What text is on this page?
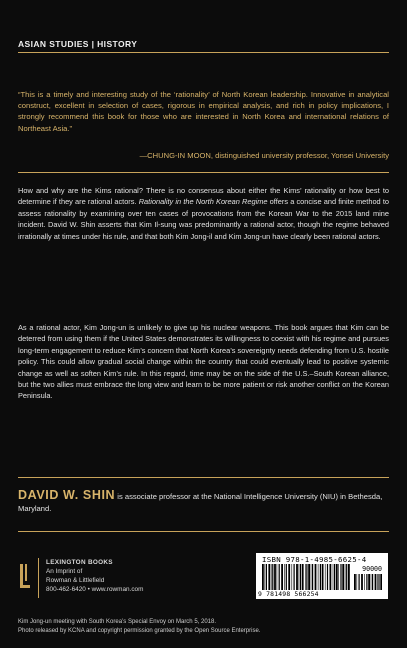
ASIAN STUDIES | HISTORY
“This is a timely and interesting study of the ‘rationality’ of North Korean leadership. Innovative in analytical construct, excellent in selection of cases, rigorous in empirical analysis, and rich in policy implications, I strongly recommend this book for those who are interested in North Korea and international relations of Northeast Asia.”
—CHUNG-IN MOON, distinguished university professor, Yonsei University
How and why are the Kims rational? There is no consensus about either the Kims’ rationality or how best to determine if they are rational actors. Rationality in the North Korean Regime offers a concise and finite method to assess rationality by examining over ten cases of provocations from the Korean War to the 2015 land mine incident. David W. Shin asserts that Kim Il-sung was predominantly a rational actor, though the regime behaved irrationally at times under his rule, and that both Kim Jong-il and Kim Jong-un have clearly been rational actors.
As a rational actor, Kim Jong-un is unlikely to give up his nuclear weapons. This book argues that Kim can be deterred from using them if the United States demonstrates its willingness to coexist with his regime and pursues long-term engagement to reduce Kim’s concern that North Korea’s sovereignty needs defending from U.S. hostile policy. This could allow gradual social change within the country that could eventually lead to positive systemic change as well as soften Kim’s rule. In this regard, time may be on the side of the U.S.–South Korean alliance, but the two allies must embrace the long view and learn to be more patient or risk another conflict on the Korean Peninsula.
DAVID W. SHIN is associate professor at the National Intelligence University (NIU) in Bethesda, Maryland.
LEXINGTON BOOKS
An Imprint of
Rowman & Littlefield
800-462-6420 • www.rowman.com
ISBN 978-1-4985-6625-4
90000
9 781498 566254
Kim Jong-un meeting with South Korea’s Special Envoy on March 5, 2018.
Photo released by KCNA and copyright permission granted by the Open Source Enterprise.
